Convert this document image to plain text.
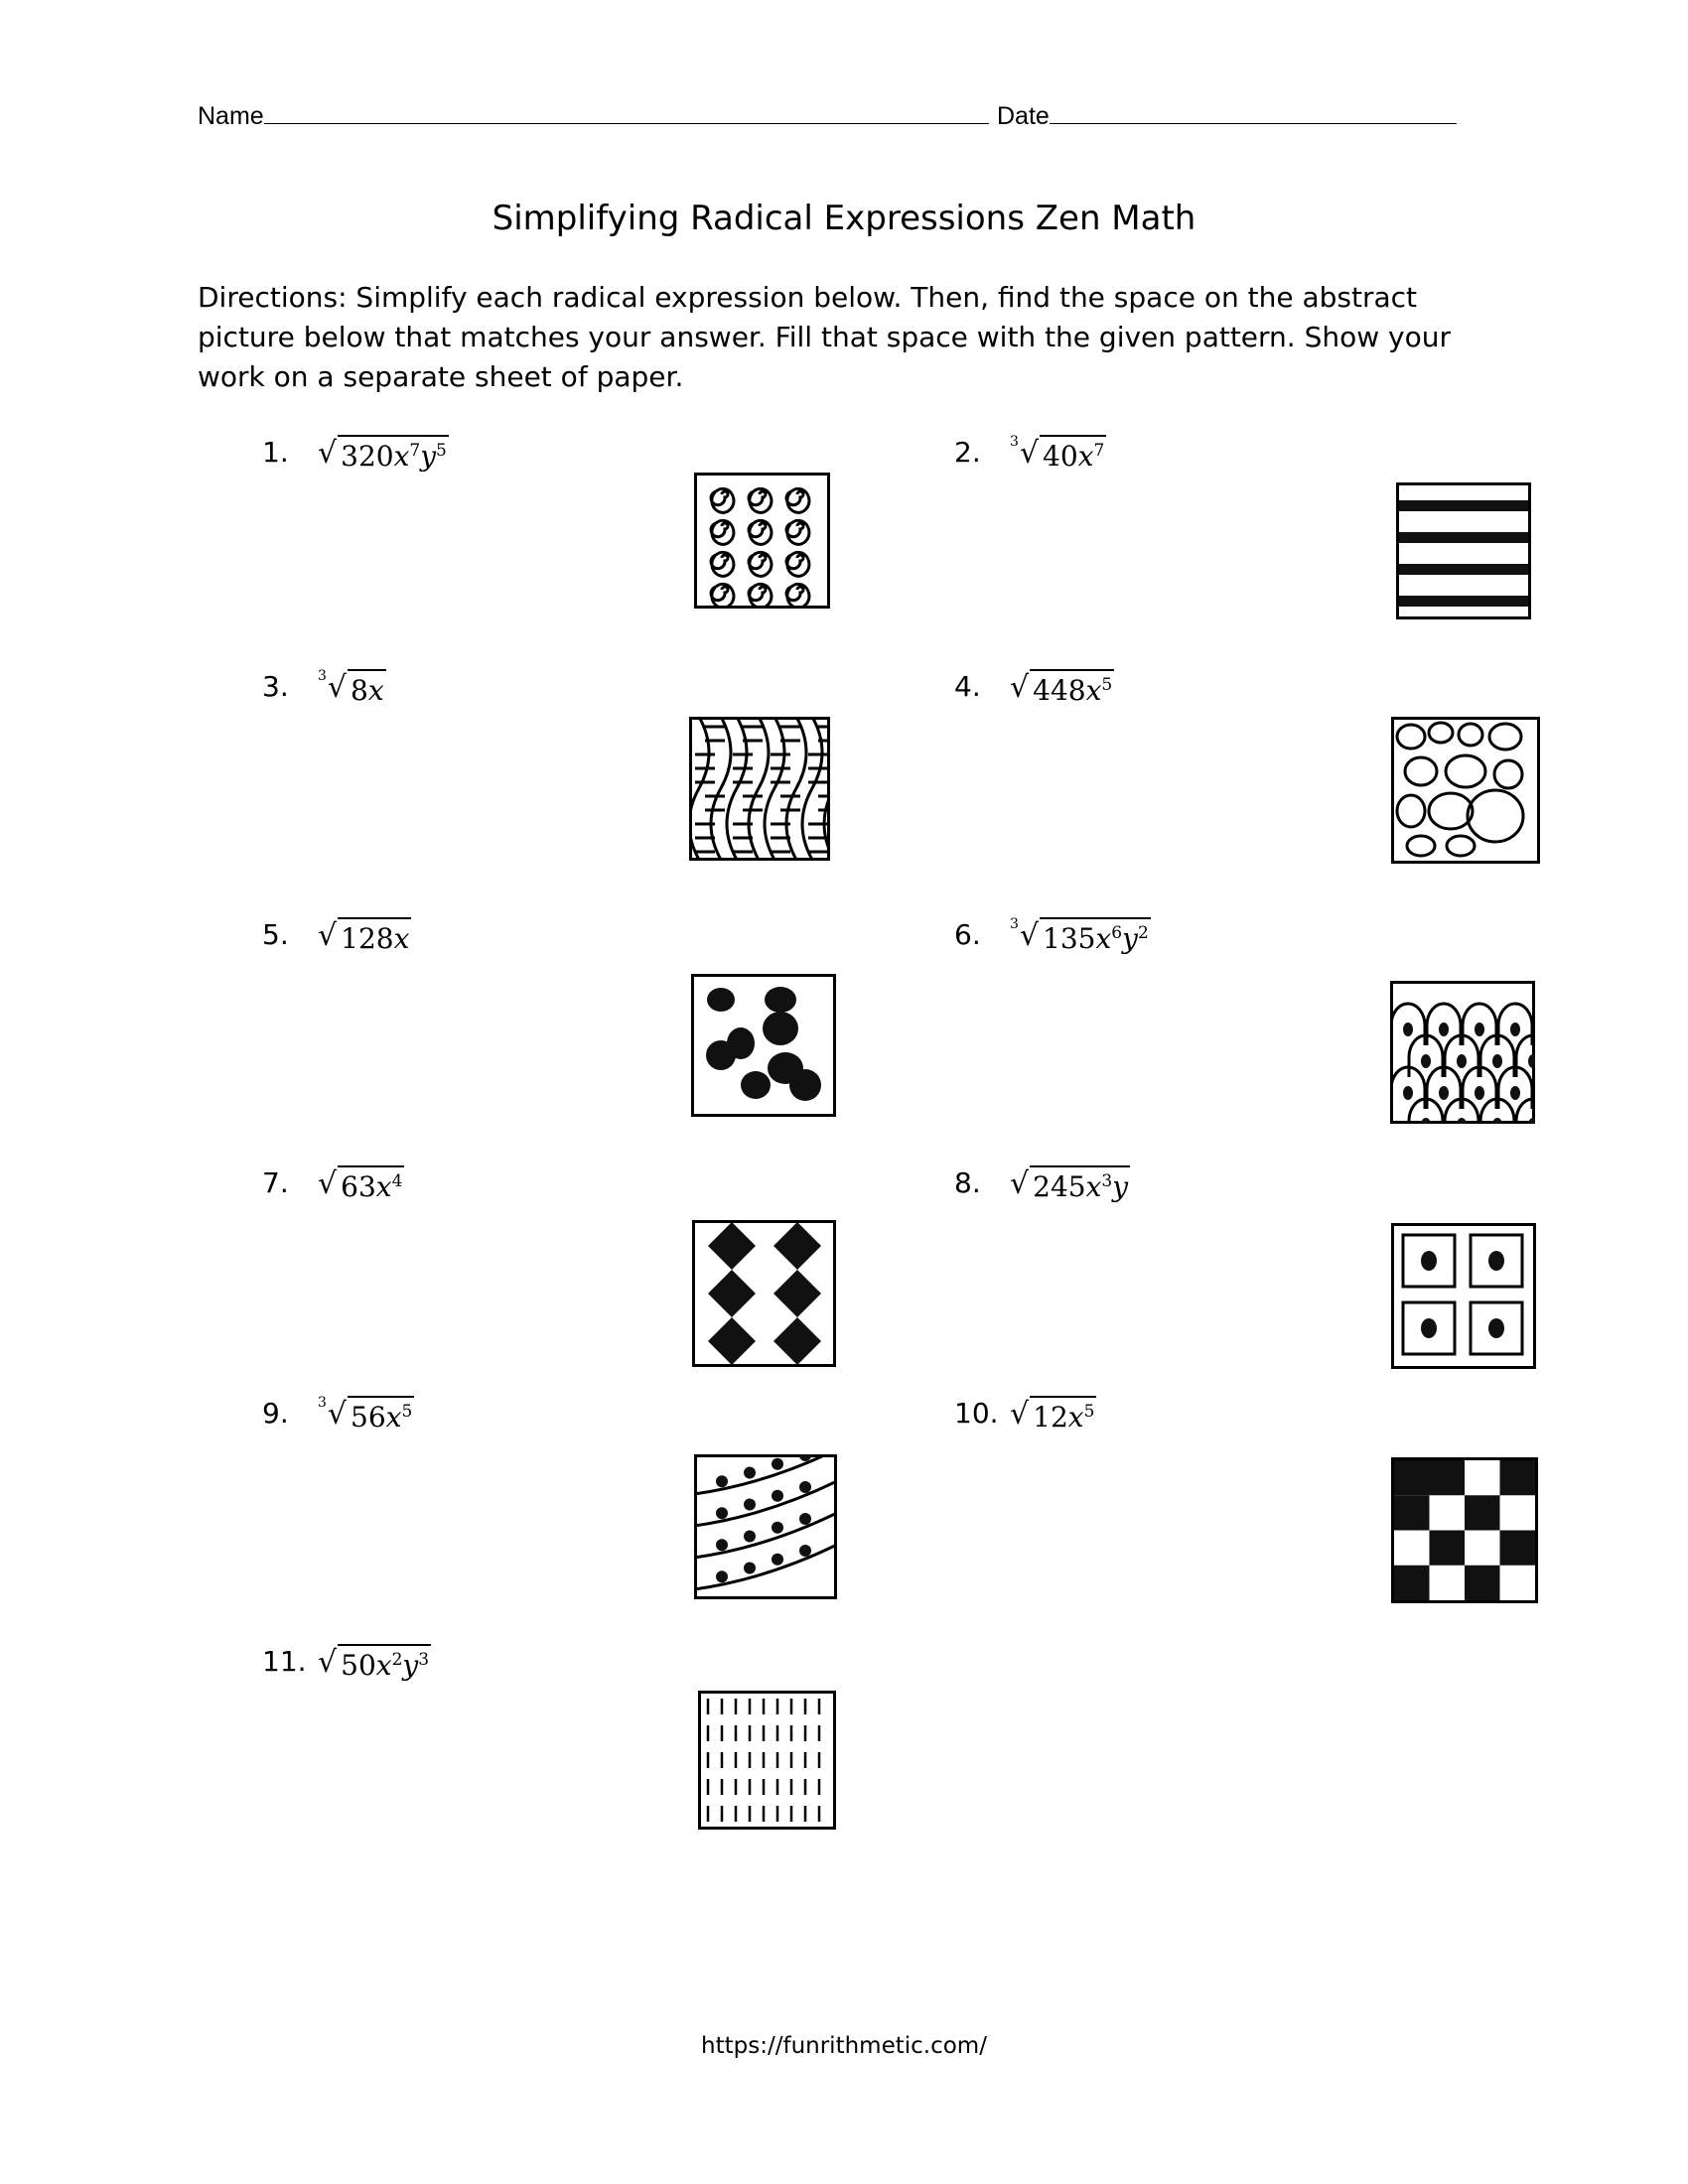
Name	Date
Simplifying Radical Expressions Zen Math
Directions: Simplify each radical expression below. Then, find the space on the abstract picture below that matches your answer. Fill that space with the given pattern. Show your work on a separate sheet of paper.
1. √ $320x^7y^5$	2.	3 √ $40x^7$
3.	3 √ 8x	4. √ $448x^5$
5. √ 128x	6.	3 √ $135x^6y^2$
7. √ $63x^4$	8. √ $245x^3y$
9.	3 √ $56x^5$	10. √ $12x^5$
11. √ $50x^2y^3$
https://funrithmetic.com/
